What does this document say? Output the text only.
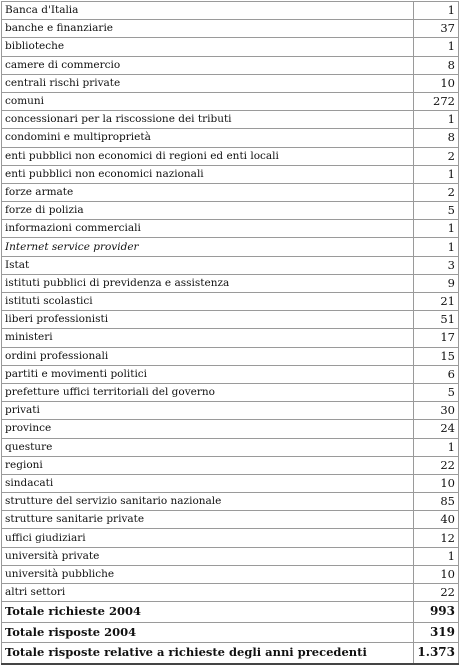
Banca d'Italia	1
banche e finanziarie	37
biblioteche	1
camere di commercio	8
centrali rischi private	10
comuni	272
concessionari per la riscossione dei tributi	1
condomini e multiproprietà	8
enti pubblici non economici di regioni ed enti locali	2
enti pubblici non economici nazionali	1
forze armate	2
forze di polizia	5
informazioni commerciali	1
Internet service provider	1
Istat	3
istituti pubblici di previdenza e assistenza	9
istituti scolastici	21
liberi professionisti	51
ministeri	17
ordini professionali	15
partiti e movimenti politici	6
prefetture uffici territoriali del governo	5
privati	30
province	24
questure	1
regioni	22
sindacati	10
strutture del servizio sanitario nazionale	85
strutture sanitarie private	40
uffici giudiziari	12
università private	1
università pubbliche	10
altri settori	22
Totale richieste 2004	993
Totale risposte 2004	319
Totale risposte relative a richieste degli anni precedenti	1.373
